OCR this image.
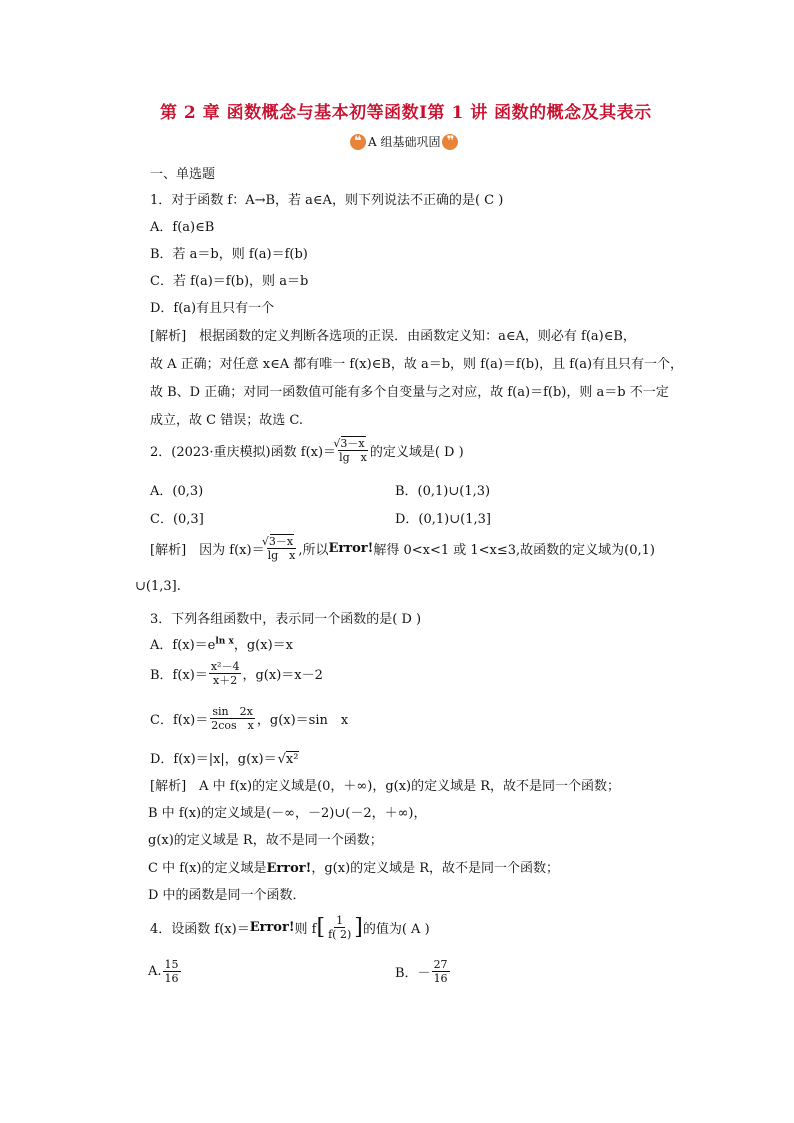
第 2 章 函数概念与基本初等函数Ⅰ第 1 讲 函数的概念及其表示
❝ A 组基础巩固 ❞
一、单选题
1．对于函数 f：A→B，若 a∈A，则下列说法不正确的是( C )
A．f(a)∈B
B．若 a＝b，则 f(a)＝f(b)
C．若 f(a)＝f(b)，则 a＝b
D．f(a)有且只有一个
[解析]　根据函数的定义判断各选项的正误．由函数定义知：a∈A，则必有 f(a)∈B，
故 A 正确；对任意 x∈A 都有唯一 f(x)∈B，故 a＝b，则 f(a)＝f(b)，且 f(a)有且只有一个，
故 B、D 正确；对同一函数值可能有多个自变量与之对应，故 f(a)＝f(b)，则 a＝b 不一定
成立，故 C 错误；故选 C.
2．(2023·重庆模拟)函数 f(x)＝ √ $\frac{3-x}{\text{lg　x}}$ 的定义域是( D )
A．(0,3)	B．(0,1)∪(1,3)
C．(0,3]	D．(0,1)∪(1,3]
[解析]　因为 f(x)＝ √ $\frac{3-x}{\text{lg　x}}$ ,所以 Error! 解得 0<x<1 或 1<x≤3,故函数的定义域为(0,1)
∪(1,3].
3．下列各组函数中，表示同一个函数的是( D )
A．$f(x)=e^{ln x}$，g(x)＝x
B．$f(x)= \frac{\text{x²－4}}{x+2}$ ，g(x)＝x－2
C．$f(x)= \frac{\sin 2x}{\text{2cos　x}}$ ，g(x)＝sin　x
D．f(x)＝|x|，g(x)＝ √ x²
[解析]　A 中 f(x)的定义域是(0，＋∞)，g(x)的定义域是 R，故不是同一个函数；
B 中 f(x)的定义域是(－∞，－2)∪(－2，＋∞)，
g(x)的定义域是 R，故不是同一个函数；
C 中 f(x)的定义域是Error!，g(x)的定义域是 R，故不是同一个函数；
D 中的函数是同一个函数．
4．设函数 f(x)＝ Error! 则 f [ $\frac{1}{f( 2)}$ ] 的值为( A )
A. $\frac{15}{16}$	B．－ $\frac{27}{16}$
